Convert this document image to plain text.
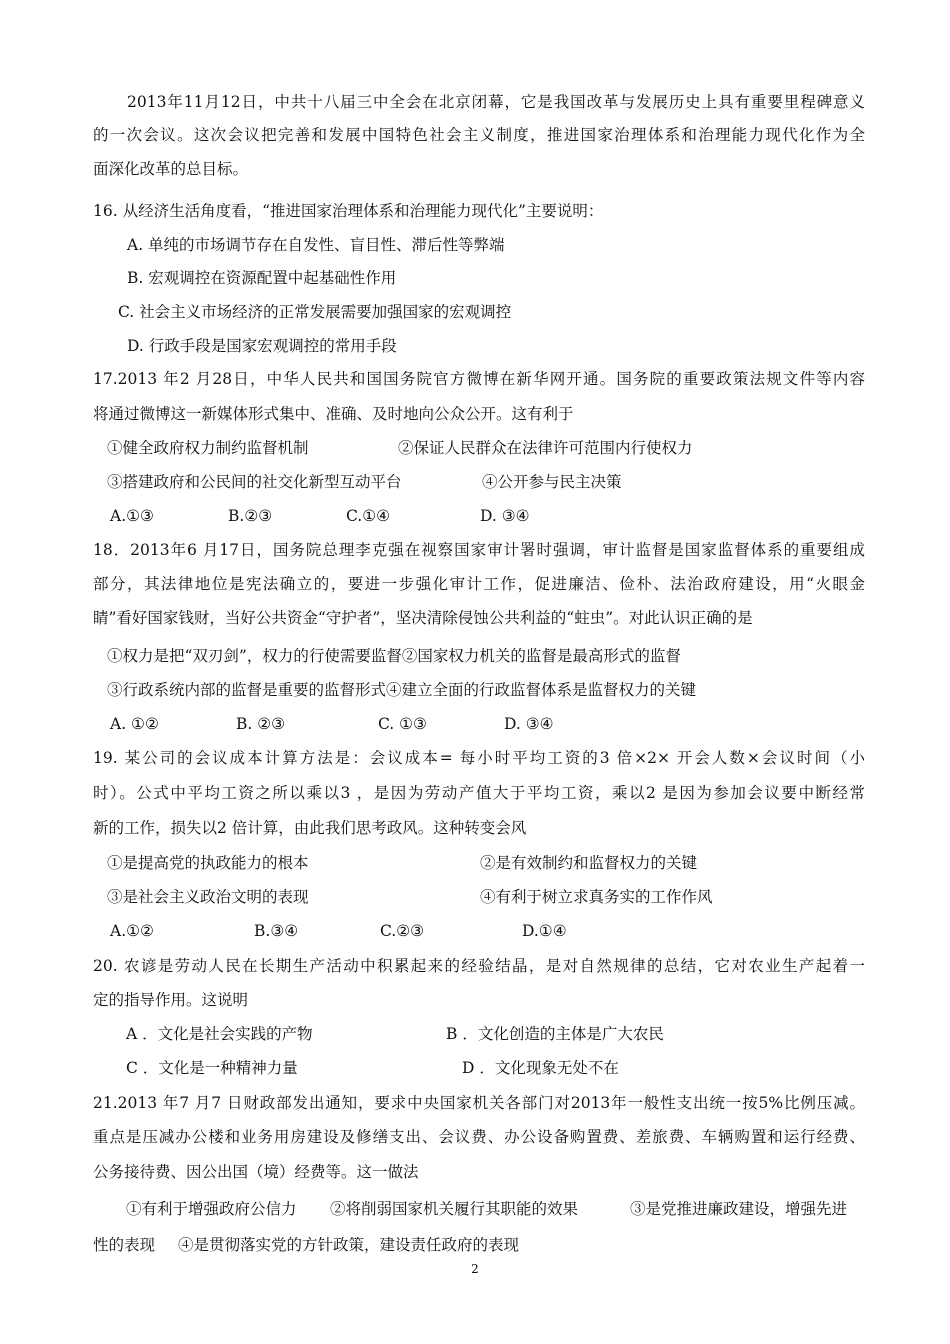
2013年11月12日，中共十八届三中全会在北京闭幕，它是我国改革与发展历史上具有重要里程碑意义
的一次会议。这次会议把完善和发展中国特色社会主义制度，推进国家治理体系和治理能力现代化作为全
面深化改革的总目标。
16. 从经济生活角度看，“推进国家治理体系和治理能力现代化”主要说明：
A. 单纯的市场调节存在自发性、盲目性、滞后性等弊端
B. 宏观调控在资源配置中起基础性作用
C. 社会主义市场经济的正常发展需要加强国家的宏观调控
D. 行政手段是国家宏观调控的常用手段
17.2013 年2 月28日，中华人民共和国国务院官方微博在新华网开通。国务院的重要政策法规文件等内容
将通过微博这一新媒体形式集中、准确、及时地向公众公开。这有利于
①健全政府权力制约监督机制	②保证人民群众在法律许可范围内行使权力
③搭建政府和公民间的社交化新型互动平台	④公开参与民主决策
A.①③	B.②③	C.①④	D. ③④
18．2013年6 月17日，国务院总理李克强在视察国家审计署时强调，审计监督是国家监督体系的重要组成
部分，其法律地位是宪法确立的，要进一步强化审计工作，促进廉洁、俭朴、法治政府建设，用“火眼金
睛”看好国家钱财，当好公共资金“守护者”，坚决清除侵蚀公共利益的“蛀虫”。对此认识正确的是
①权力是把“双刃剑”，权力的行使需要监督②国家权力机关的监督是最高形式的监督
③行政系统内部的监督是重要的监督形式④建立全面的行政监督体系是监督权力的关键
A. ①②	B. ②③	C. ①③	D. ③④
19. 某公司的会议成本计算方法是：会议成本= 每小时平均工资的3 倍×2× 开会人数×会议时间（小
时）。公式中平均工资之所以乘以3 ，是因为劳动产值大于平均工资，乘以2 是因为参加会议要中断经常
新的工作，损失以2 倍计算，由此我们思考政风。这种转变会风
①是提高党的执政能力的根本	②是有效制约和监督权力的关键
③是社会主义政治文明的表现	④有利于树立求真务实的工作作风
A.①②	B.③④	C.②③	D.①④
20. 农谚是劳动人民在长期生产活动中积累起来的经验结晶，是对自然规律的总结，它对农业生产起着一
定的指导作用。这说明
A ．文化是社会实践的产物	B ．文化创造的主体是广大农民
C ．文化是一种精神力量	D ．文化现象无处不在
21.2013 年7 月7 日财政部发出通知，要求中央国家机关各部门对2013年一般性支出统一按5%比例压减。
重点是压减办公楼和业务用房建设及修缮支出、会议费、办公设备购置费、差旅费、车辆购置和运行经费、
公务接待费、因公出国（境）经费等。这一做法
①有利于增强政府公信力 ②将削弱国家机关履行其职能的效果	③是党推进廉政建设，增强先进
性的表现 ④是贯彻落实党的方针政策，建设责任政府的表现
2
